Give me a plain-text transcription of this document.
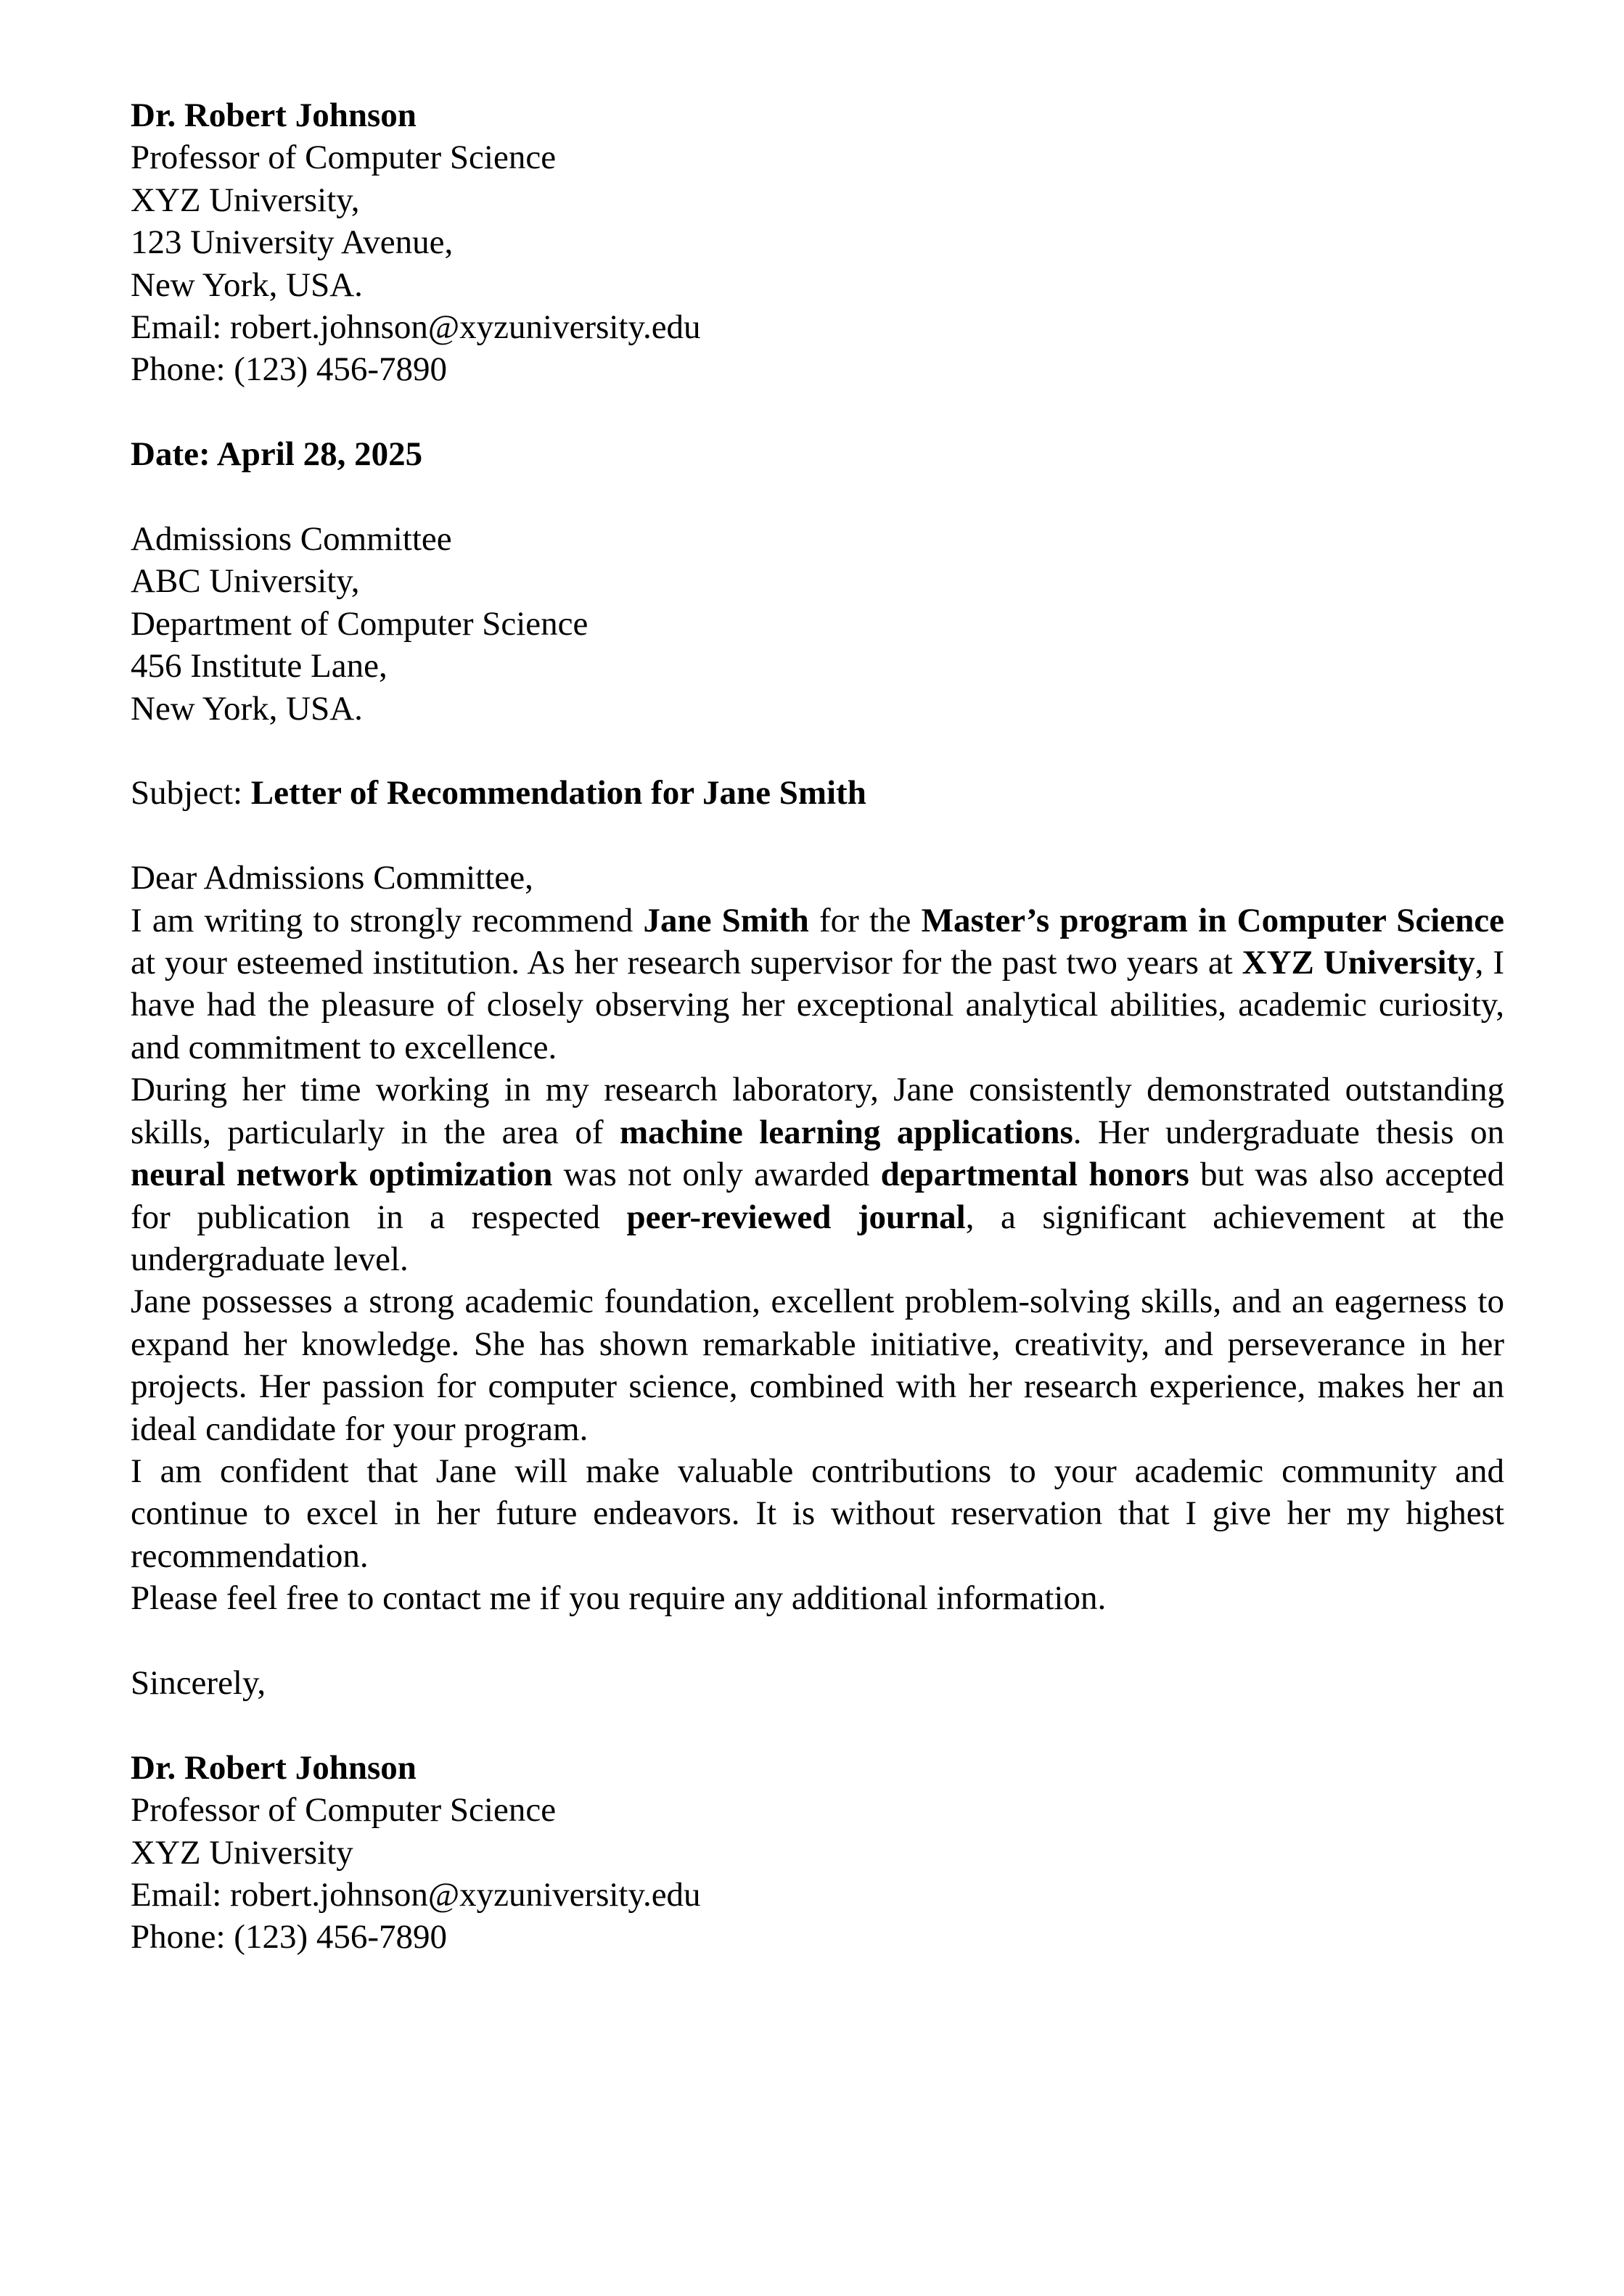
Dr. Robert Johnson
Professor of Computer Science
XYZ University,
123 University Avenue,
New York, USA.
Email: robert.johnson@xyzuniversity.edu
Phone: (123) 456-7890
Date: April 28, 2025
Admissions Committee
ABC University,
Department of Computer Science
456 Institute Lane,
New York, USA.
Subject: Letter of Recommendation for Jane Smith
Dear Admissions Committee,

I am writing to strongly recommend Jane Smith for the Master’s program in Computer Science at your esteemed institution. As her research supervisor for the past two years at XYZ University, I have had the pleasure of closely observing her exceptional analytical abilities, academic curiosity, and commitment to excellence.

During her time working in my research laboratory, Jane consistently demonstrated outstanding skills, particularly in the area of machine learning applications. Her undergraduate thesis on neural network optimization was not only awarded departmental honors but was also accepted for publication in a respected peer-reviewed journal, a significant achievement at the undergraduate level.

Jane possesses a strong academic foundation, excellent problem-solving skills, and an eagerness to expand her knowledge. She has shown remarkable initiative, creativity, and perseverance in her projects. Her passion for computer science, combined with her research experience, makes her an ideal candidate for your program.

I am confident that Jane will make valuable contributions to your academic community and continue to excel in her future endeavors. It is without reservation that I give her my highest recommendation.

Please feel free to contact me if you require any additional information.

Sincerely,
Dr. Robert Johnson
Professor of Computer Science
XYZ University
Email: robert.johnson@xyzuniversity.edu
Phone: (123) 456-7890
